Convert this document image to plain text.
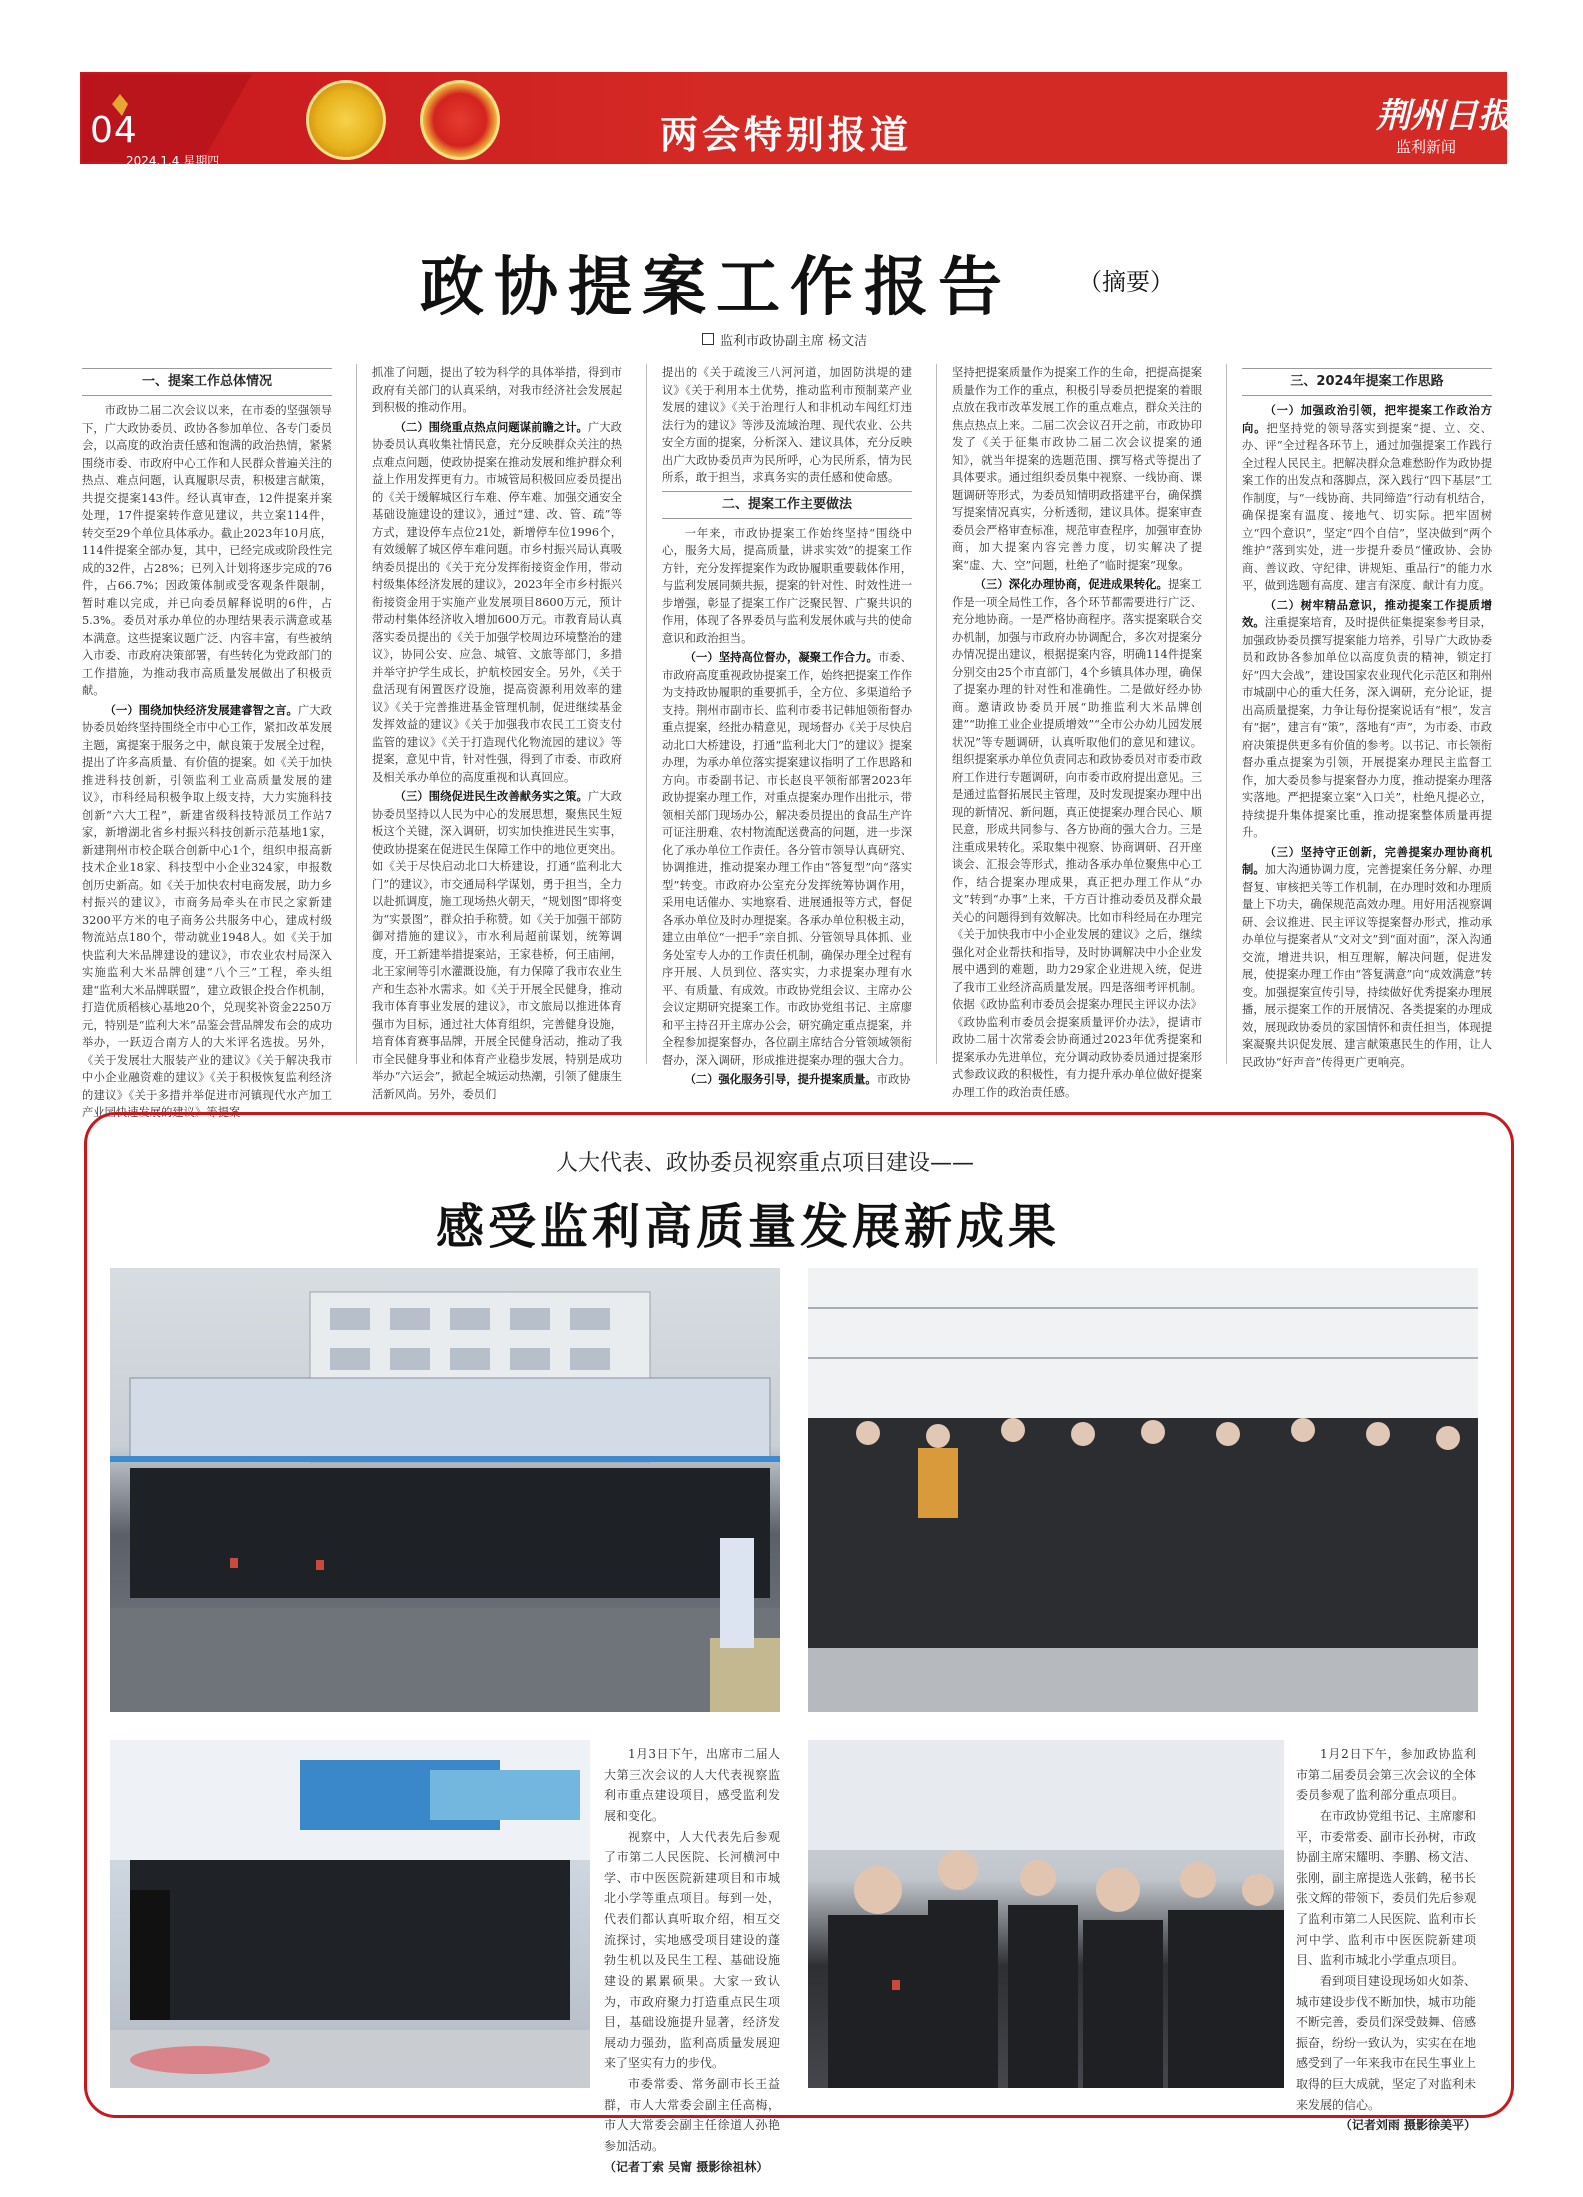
04
2024.1.4 星期四
美术编辑：万 彬
两会特别报道	荆州日报
监利新闻
政协提案工作报告	（摘要）
监利市政协副主席 杨文洁
一、提案工作总体情况

市政协二届二次会议以来，在市委的坚强领导下，广大政协委员、政协各参加单位、各专门委员会，以高度的政治责任感和饱满的政治热情，紧紧围绕市委、市政府中心工作和人民群众普遍关注的热点、难点问题，认真履职尽责，积极建言献策，共提交提案143件。经认真审查，12件提案并案处理，17件提案转作意见建议，共立案114件，转交至29个单位具体承办。截止2023年10月底，114件提案全部办复，其中，已经完成或阶段性完成的32件，占28%；已列入计划将逐步完成的76件，占66.7%；因政策体制或受客观条件限制，暂时难以完成，并已向委员解释说明的6件，占5.3%。委员对承办单位的办理结果表示满意或基本满意。这些提案议题广泛、内容丰富，有些被纳入市委、市政府决策部署，有些转化为党政部门的工作措施，为推动我市高质量发展做出了积极贡献。

（一）围绕加快经济发展建睿智之言。广大政协委员始终坚持围绕全市中心工作，紧扣改革发展主题，寓提案于服务之中，献良策于发展全过程，提出了许多高质量、有价值的提案。如《关于加快推进科技创新，引领监利工业高质量发展的建议》，市科经局积极争取上级支持，大力实施科技创新“六大工程”，新建省级科技特派员工作站7家，新增湖北省乡村振兴科技创新示范基地1家，新建荆州市校企联合创新中心1个，组织申报高新技术企业18家、科技型中小企业324家，申报数创历史新高。如《关于加快农村电商发展，助力乡村振兴的建议》，市商务局牵头在市民之家新建3200平方米的电子商务公共服务中心，建成村级物流站点180个，带动就业1948人。如《关于加快监利大米品牌建设的建议》，市农业农村局深入实施监利大米品牌创建“八个三”工程，牵头组建“监利大米品牌联盟”，建立政银企投合作机制，打造优质稻核心基地20个，兑现奖补资金2250万元，特别是“监利大米”品鉴会营品牌发布会的成功举办，一跃迈合南方人的大米评名选拔。另外，《关于发展壮大服装产业的建议》《关于解决我市中小企业融资难的建议》《关于积极恢复监利经济的建议》《关于多措并举促进市河镇现代水产加工产业园快速发展的建议》等提案

抓准了问题，提出了较为科学的具体举措，得到市政府有关部门的认真采纳，对我市经济社会发展起到积极的推动作用。

（二）围绕重点热点问题谋前瞻之计。广大政协委员认真收集社情民意，充分反映群众关注的热点难点问题，使政协提案在推动发展和维护群众利益上作用发挥更有力。市城管局积极回应委员提出的《关于缓解城区行车难、停车难、加强交通安全基础设施建设的建议》，通过“建、改、管、疏”等方式，建设停车点位21处，新增停车位1996个，有效缓解了城区停车难问题。市乡村振兴局认真吸纳委员提出的《关于充分发挥衔接资金作用，带动村级集体经济发展的建议》，2023年全市乡村振兴衔接资金用于实施产业发展项目8600万元，预计带动村集体经济收入增加600万元。市教育局认真落实委员提出的《关于加强学校周边环境整治的建议》，协同公安、应急、城管、文旅等部门，多措并举守护学生成长，护航校园安全。另外，《关于盘活现有闲置医疗设施，提高资源利用效率的建议》《关于完善推进基金管理机制，促进继续基金发挥效益的建议》《关于加强我市农民工工资支付监管的建议》《关于打造现代化物流园的建议》等提案，意见中肯，针对性强，得到了市委、市政府及相关承办单位的高度重视和认真回应。

（三）围绕促进民生改善献务实之策。广大政协委员坚持以人民为中心的发展思想，聚焦民生短板这个关键，深入调研，切实加快推进民生实事，使政协提案在促进民生保障工作中的地位更突出。如《关于尽快启动北口大桥建设，打通“监利北大门”的建议》，市交通局科学谋划，勇于担当，全力以赴抓调度，施工现场热火朝天，“规划图”即将变为“实景图”，群众拍手称赞。如《关于加强干部防御对措施的建议》，市水利局超前谋划，统筹调度，开工新建举措提案站，王家巷桥，何王庙闸，北王家闸等引水灌溉设施，有力保障了我市农业生产和生态补水需求。如《关于开展全民健身，推动我市体育事业发展的建议》，市文旅局以推进体育强市为目标，通过社大体育组织，完善健身设施，培育体育赛事品牌，开展全民健身活动，推动了我市全民健身事业和体育产业稳步发展，特别是成功举办“六运会”，掀起全城运动热潮，引领了健康生活新风尚。另外，委员们

提出的《关于疏浚三八河河道，加固防洪堤的建议》《关于利用本土优势，推动监利市预制菜产业发展的建议》《关于治理行人和非机动车闯红灯违法行为的建议》等涉及流域治理、现代农业、公共安全方面的提案，分析深入、建议具体，充分反映出广大政协委员声为民所呼，心为民所系，情为民所系，敢于担当，求真务实的责任感和使命感。

二、提案工作主要做法

一年来，市政协提案工作始终坚持“围绕中心，服务大局，提高质量，讲求实效”的提案工作方针，充分发挥提案作为政协履职重要载体作用，与监利发展同频共振，提案的针对性、时效性进一步增强，彰显了提案工作广泛聚民智、广聚共识的作用，体现了各界委员与监利发展休戚与共的使命意识和政治担当。

（一）坚持高位督办，凝聚工作合力。市委、市政府高度重视政协提案工作，始终把提案工作作为支持政协履职的重要抓手，全方位、多渠道给予支持。荆州市副市长、监利市委书记韩旭领衔督办重点提案，经批办精意见，现场督办《关于尽快启动北口大桥建设，打通“监利北大门”的建议》提案办理，为承办单位落实提案建议指明了工作思路和方向。市委副书记、市长赵良平领衔部署2023年政协提案办理工作，对重点提案办理作出批示，带领相关部门现场办公，解决委员提出的食品生产许可证注册难、农村物流配送费高的问题，进一步深化了承办单位工作责任。各分管市领导认真研究、协调推进，推动提案办理工作由“答复型”向“落实型”转变。市政府办公室充分发挥统筹协调作用，采用电话催办、实地察看、进展通报等方式，督促各承办单位及时办理提案。各承办单位积极主动，建立由单位“一把手”亲自抓、分管领导具体抓、业务处室专人办的工作责任机制，确保办理全过程有序开展、人员到位、落实实，力求提案办理有水平、有质量、有成效。市政协党组会议、主席办公会议定期研究提案工作。市政协党组书记、主席廖和平主持召开主席办公会，研究确定重点提案，并全程参加提案督办，各位副主席结合分管领域领衔督办，深入调研，形成推进提案办理的强大合力。

（二）强化服务引导，提升提案质量。市政协

坚持把提案质量作为提案工作的生命，把提高提案质量作为工作的重点，积极引导委员把提案的着眼点放在我市改革发展工作的重点难点，群众关注的焦点热点上来。二届二次会议召开之前，市政协印发了《关于征集市政协二届二次会议提案的通知》，就当年提案的选题范围、撰写格式等提出了具体要求。通过组织委员集中视察、一线协商、课题调研等形式，为委员知情明政搭建平台，确保撰写提案情况真实，分析透彻，建议具体。提案审查委员会严格审查标准，规范审查程序，加强审查协商，加大提案内容完善力度，切实解决了提案“虚、大、空”问题，杜绝了“临时提案”现象。

（三）深化办理协商，促进成果转化。提案工作是一项全局性工作，各个环节都需要进行广泛、充分地协商。一是严格协商程序。落实提案联合交办机制，加强与市政府办协调配合，多次对提案分办情况提出建议，根据提案内容，明确114件提案分别交由25个市直部门，4个乡镇具体办理，确保了提案办理的针对性和准确性。二是做好经办协商。邀请政协委员开展“助推监利大米品牌创建”“助推工业企业提质增效”“全市公办幼儿园发展状况”等专题调研，认真听取他们的意见和建议。组织提案承办单位负责同志和政协委员对市委市政府工作进行专题调研，向市委市政府提出意见。三是通过监督拓展民主管理，及时发现提案办理中出现的新情况、新问题，真正使提案办理合民心、顺民意，形成共同参与、各方协商的强大合力。三是注重成果转化。采取集中视察、协商调研、召开座谈会、汇报会等形式，推动各承办单位聚焦中心工作，结合提案办理成果，真正把办理工作从“办文”转到“办事”上来，千方百计推动委员及群众最关心的问题得到有效解决。比如市科经局在办理完《关于加快我市中小企业发展的建议》之后，继续强化对企业帮扶和指导，及时协调解决中小企业发展中遇到的难题，助力29家企业进规入统，促进了我市工业经济高质量发展。四是落细考评机制。依据《政协监利市委员会提案办理民主评议办法》《政协监利市委员会提案质量评价办法》，提请市政协二届十次常委会协商通过2023年优秀提案和提案承办先进单位，充分调动政协委员通过提案形式参政议政的积极性，有力提升承办单位做好提案办理工作的政治责任感。

三、2024年提案工作思路

（一）加强政治引领，把牢提案工作政治方向。把坚持党的领导落实到提案“提、立、交、办、评”全过程各环节上，通过加强提案工作践行全过程人民民主。把解决群众急难愁盼作为政协提案工作的出发点和落脚点，深入践行“四下基层”工作制度，与“一线协商、共同缔造”行动有机结合，确保提案有温度、接地气、切实际。把牢固树立“四个意识”，坚定“四个自信”，坚决做到“两个维护”落到实处，进一步提升委员“懂政协、会协商、善议政、守纪律、讲规矩、重品行”的能力水平，做到选题有高度、建言有深度、献计有力度。

（二）树牢精品意识，推动提案工作提质增效。注重提案培育，及时提供征集提案参考目录，加强政协委员撰写提案能力培养，引导广大政协委员和政协各参加单位以高度负责的精神，锁定打好“四大会战”，建设国家农业现代化示范区和荆州市城副中心的重大任务，深入调研，充分论证，提出高质量提案，力争让每份提案说话有“根”，发言有“据”，建言有“策”，落地有“声”，为市委、市政府决策提供更多有价值的参考。以书记、市长领衔督办重点提案为引领，开展提案办理民主监督工作，加大委员参与提案督办力度，推动提案办理落实落地。严把提案立案“入口关”，杜绝凡提必立，持续提升集体提案比重，推动提案整体质量再提升。

（三）坚持守正创新，完善提案办理协商机制。加大沟通协调力度，完善提案任务分解、办理督复、审核把关等工作机制，在办理时效和办理质量上下功夫，确保规范高效办理。用好用活视察调研、会议推进、民主评议等提案督办形式，推动承办单位与提案者从“文对文”到“面对面”，深入沟通交流，增进共识，相互理解，解决问题，促进发展，使提案办理工作由“答复满意”向“成效满意”转变。加强提案宣传引导，持续做好优秀提案办理展播，展示提案工作的开展情况、各类提案的办理成效，展现政协委员的家国情怀和责任担当，体现提案凝聚共识促发展、建言献策惠民生的作用，让人民政协“好声音”传得更广更响亮。

人大代表、政协委员视察重点项目建设——
感受监利高质量发展新成果

1月3日下午，出席市二届人大第三次会议的人大代表视察监利市重点建设项目，感受监利发展和变化。

视察中，人大代表先后参观了市第二人民医院、长河横河中学、市中医医院新建项目和市城北小学等重点项目。每到一处，代表们都认真听取介绍，相互交流探讨，实地感受项目建设的蓬勃生机以及民生工程、基础设施建设的累累硕果。大家一致认为，市政府聚力打造重点民生项目，基础设施提升显著，经济发展动力强劲，监利高质量发展迎来了坚实有力的步伐。

市委常委、常务副市长王益群，市人大常委会副主任高梅，市人大常委会副主任徐道人孙艳参加活动。

（记者丁索 吴甯 摄影徐祖林）

1月2日下午，参加政协监利市第二届委员会第三次会议的全体委员参观了监利部分重点项目。

在市政协党组书记、主席廖和平，市委常委、副市长孙树，市政协副主席宋耀明、李鹏、杨文洁、张刚，副主席提选人张鹤，秘书长张文辉的带领下，委员们先后参观了监利市第二人民医院、监利市长河中学、监利市中医医院新建项目、监利市城北小学重点项目。

看到项目建设现场如火如荼、城市建设步伐不断加快，城市功能不断完善，委员们深受鼓舞、倍感振奋，纷纷一致认为，实实在在地感受到了一年来我市在民生事业上取得的巨大成就，坚定了对监利未来发展的信心。

（记者刘雨 摄影徐美平）
